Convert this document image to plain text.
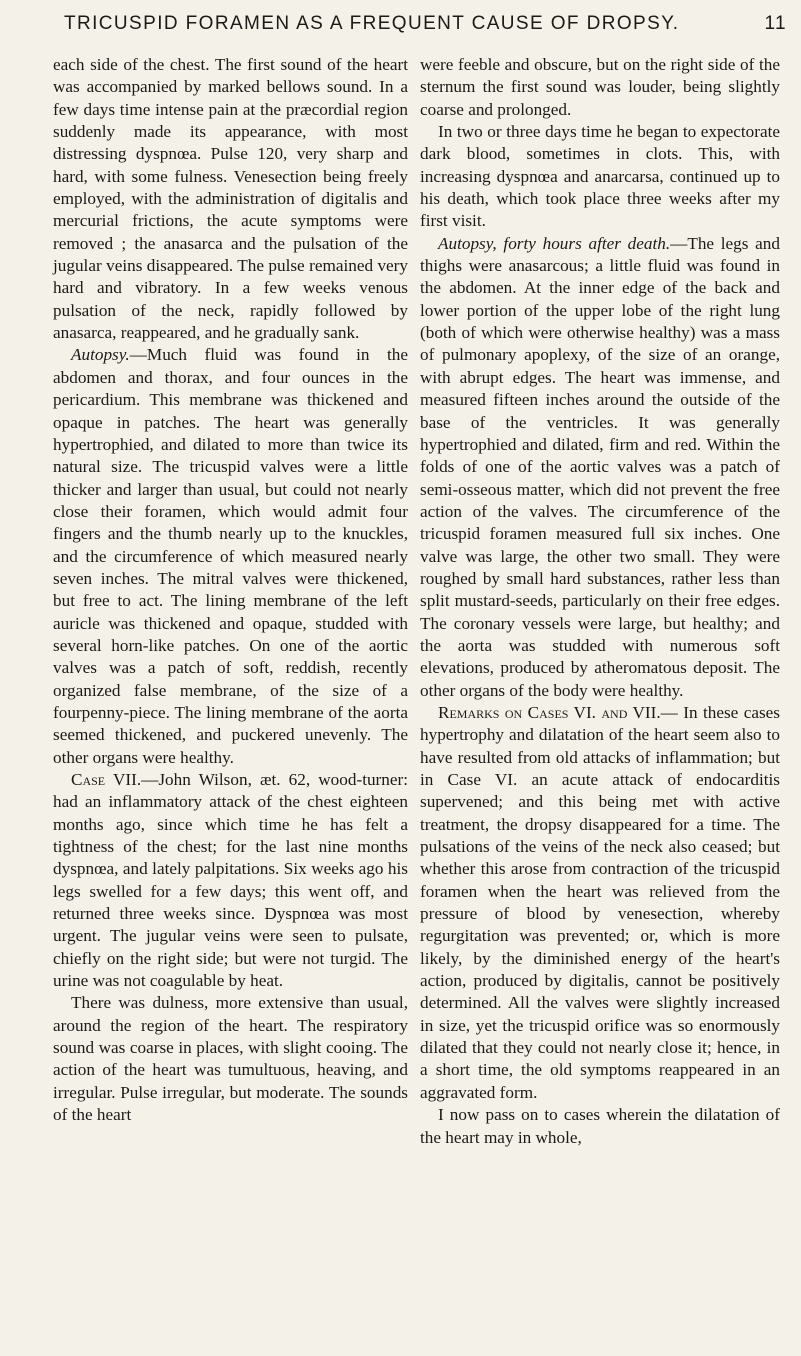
TRICUSPID FORAMEN AS A FREQUENT CAUSE OF DROPSY.	11

each side of the chest. The first sound of the heart was accompanied by marked bellows sound. In a few days time intense pain at the præcordial region suddenly made its appearance, with most distressing dyspnœa. Pulse 120, very sharp and hard, with some fulness. Venesection being freely employed, with the administration of digitalis and mercurial frictions, the acute symptoms were removed ; the anasarca and the pulsation of the jugular veins disappeared. The pulse remained very hard and vibratory. In a few weeks venous pulsation of the neck, rapidly followed by anasarca, reappeared, and he gradually sank.

Autopsy.—Much fluid was found in the abdomen and thorax, and four ounces in the pericardium. This membrane was thickened and opaque in patches. The heart was generally hypertrophied, and dilated to more than twice its natural size. The tricuspid valves were a little thicker and larger than usual, but could not nearly close their foramen, which would admit four fingers and the thumb nearly up to the knuckles, and the circumference of which measured nearly seven inches. The mitral valves were thickened, but free to act. The lining membrane of the left auricle was thickened and opaque, studded with several horn-like patches. On one of the aortic valves was a patch of soft, reddish, recently organized false membrane, of the size of a fourpenny-piece. The lining membrane of the aorta seemed thickened, and puckered unevenly. The other organs were healthy.

Case VII.—John Wilson, æt. 62, wood-turner: had an inflammatory attack of the chest eighteen months ago, since which time he has felt a tightness of the chest; for the last nine months dyspnœa, and lately palpitations. Six weeks ago his legs swelled for a few days; this went off, and returned three weeks since. Dyspnœa was most urgent. The jugular veins were seen to pulsate, chiefly on the right side; but were not turgid. The urine was not coagulable by heat.

There was dulness, more extensive than usual, around the region of the heart. The respiratory sound was coarse in places, with slight cooing. The action of the heart was tumultuous, heaving, and irregular. Pulse irregular, but moderate. The sounds of the heart

were feeble and obscure, but on the right side of the sternum the first sound was louder, being slightly coarse and prolonged.

In two or three days time he began to expectorate dark blood, sometimes in clots. This, with increasing dyspnœa and anarcarsa, continued up to his death, which took place three weeks after my first visit.

Autopsy, forty hours after death.—The legs and thighs were anasarcous; a little fluid was found in the abdomen. At the inner edge of the back and lower portion of the upper lobe of the right lung (both of which were otherwise healthy) was a mass of pulmonary apoplexy, of the size of an orange, with abrupt edges. The heart was immense, and measured fifteen inches around the outside of the base of the ventricles. It was generally hypertrophied and dilated, firm and red. Within the folds of one of the aortic valves was a patch of semi-osseous matter, which did not prevent the free action of the valves. The circumference of the tricuspid foramen measured full six inches. One valve was large, the other two small. They were roughed by small hard substances, rather less than split mustard-seeds, particularly on their free edges. The coronary vessels were large, but healthy; and the aorta was studded with numerous soft elevations, produced by atheromatous deposit. The other organs of the body were healthy.

Remarks on Cases VI. and VII.— In these cases hypertrophy and dilatation of the heart seem also to have resulted from old attacks of inflammation; but in Case VI. an acute attack of endocarditis supervened; and this being met with active treatment, the dropsy disappeared for a time. The pulsations of the veins of the neck also ceased; but whether this arose from contraction of the tricuspid foramen when the heart was relieved from the pressure of blood by venesection, whereby regurgitation was prevented; or, which is more likely, by the diminished energy of the heart's action, produced by digitalis, cannot be positively determined. All the valves were slightly increased in size, yet the tricuspid orifice was so enormously dilated that they could not nearly close it; hence, in a short time, the old symptoms reappeared in an aggravated form.

I now pass on to cases wherein the dilatation of the heart may in whole,
